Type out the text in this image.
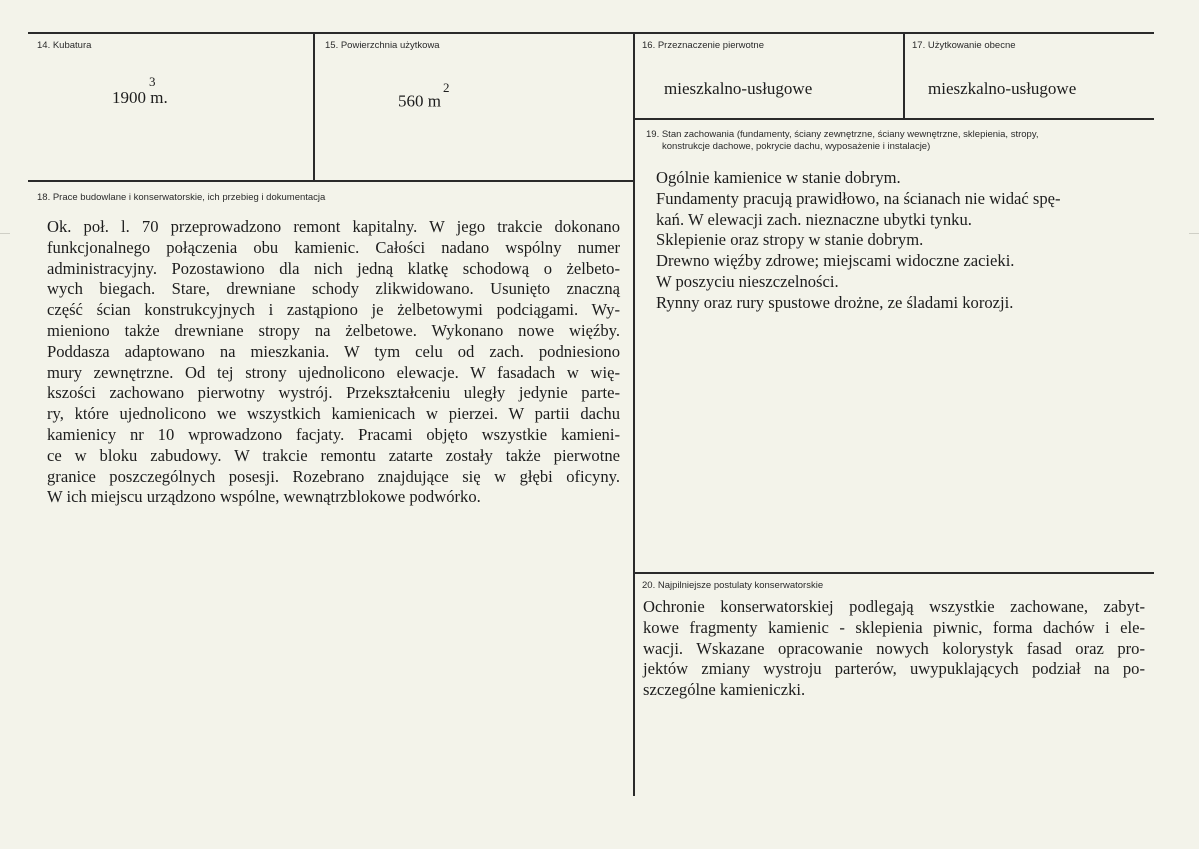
14. Kubatura
1900 m.
3
15. Powierzchnia użytkowa
560 $m^2$
16. Przeznaczenie pierwotne
mieszkalno-usługowe
17. Użytkowanie obecne
mieszkalno-usługowe
19. Stan zachowania (fundamenty, ściany zewnętrzne, ściany wewnętrzne, sklepienia, stropy,
konstrukcje dachowe, pokrycie dachu, wyposażenie i instalacje)
Ogólnie kamienice w stanie dobrym.
Fundamenty pracują prawidłowo, na ścianach nie widać spę-
kań. W elewacji zach. nieznaczne ubytki tynku.
Sklepienie oraz stropy w stanie dobrym.
Drewno więźby zdrowe; miejscami widoczne zacieki.
W poszyciu nieszczelności.
Rynny oraz rury spustowe drożne, ze śladami korozji.
18. Prace budowlane i konserwatorskie, ich przebieg i dokumentacja
Ok. poł. l. 70 przeprowadzono remont kapitalny. W jego trakcie dokonano
funkcjonalnego połączenia obu kamienic. Całości nadano wspólny numer
administracyjny. Pozostawiono dla nich jedną klatkę schodową o żelbeto-
wych biegach. Stare, drewniane schody zlikwidowano. Usunięto znaczną
część ścian konstrukcyjnych i zastąpiono je żelbetowymi podciągami. Wy-
mieniono także drewniane stropy na żelbetowe. Wykonano nowe więźby.
Poddasza adaptowano na mieszkania. W tym celu od zach. podniesiono
mury zewnętrzne. Od tej strony ujednolicono elewacje. W fasadach w wię-
kszości zachowano pierwotny wystrój. Przekształceniu uległy jedynie parte-
ry, które ujednolicono we wszystkich kamienicach w pierzei. W partii dachu
kamienicy nr 10 wprowadzono facjaty. Pracami objęto wszystkie kamieni-
ce w bloku zabudowy. W trakcie remontu zatarte zostały także pierwotne
granice poszczególnych posesji. Rozebrano znajdujące się w głębi oficyny.
W ich miejscu urządzono wspólne, wewnątrzblokowe podwórko.
20. Najpilniejsze postulaty konserwatorskie
Ochronie konserwatorskiej podlegają wszystkie zachowane, zabyt-
kowe fragmenty kamienic - sklepienia piwnic, forma dachów i ele-
wacji. Wskazane opracowanie nowych kolorystyk fasad oraz pro-
jektów zmiany wystroju parterów, uwypuklających podział na po-
szczególne kamieniczki.
